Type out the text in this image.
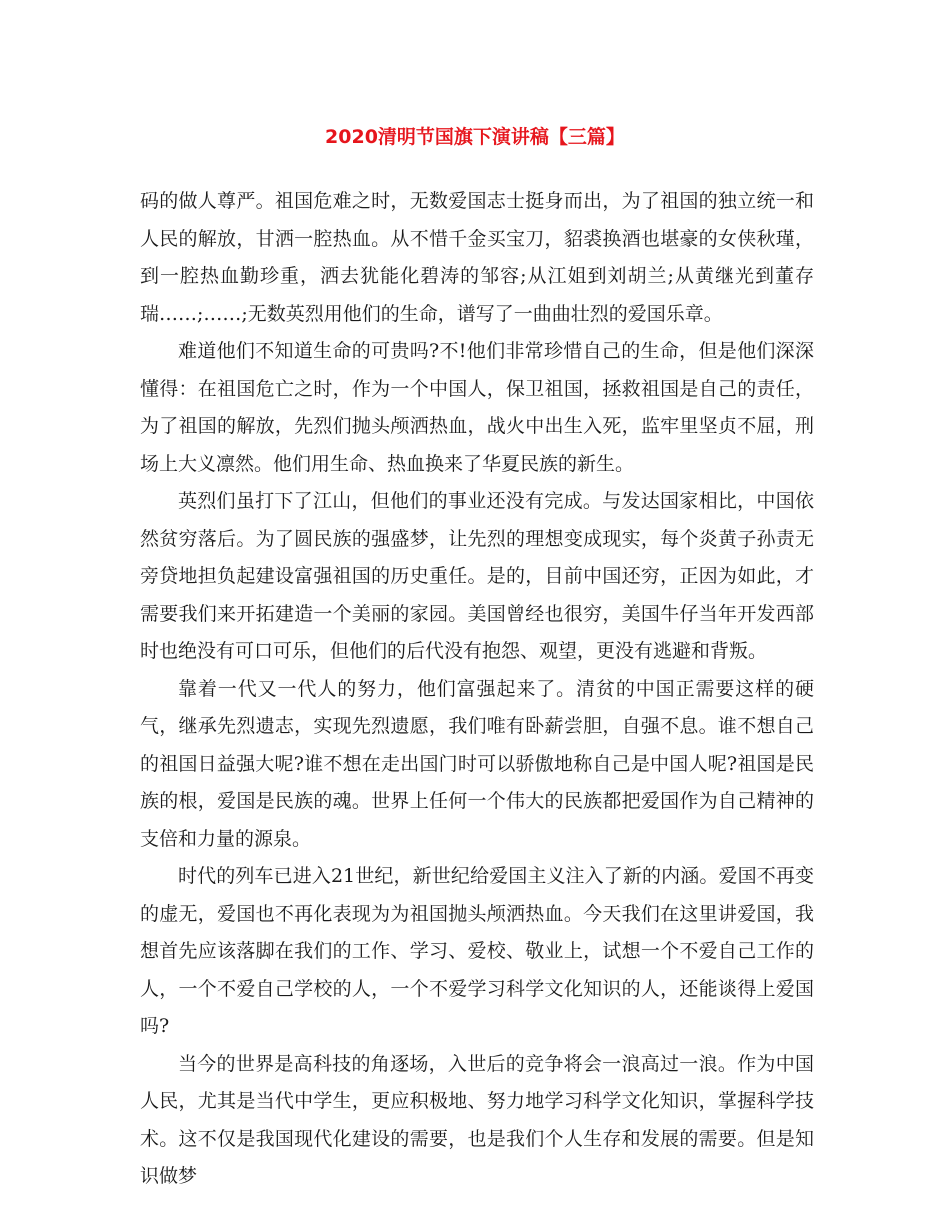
2020清明节国旗下演讲稿【三篇】

码的做人尊严。祖国危难之时，无数爱国志士挺身而出，为了祖国的独立统一和人民的解放，甘洒一腔热血。从不惜千金买宝刀，貂裘换酒也堪豪的女侠秋瑾，到一腔热血勤珍重，洒去犹能化碧涛的邹容;从江姐到刘胡兰;从黄继光到董存瑞……;……;无数英烈用他们的生命，谱写了一曲曲壮烈的爱国乐章。

难道他们不知道生命的可贵吗?不!他们非常珍惜自己的生命，但是他们深深懂得：在祖国危亡之时，作为一个中国人，保卫祖国，拯救祖国是自己的责任，为了祖国的解放，先烈们抛头颅洒热血，战火中出生入死，监牢里坚贞不屈，刑场上大义凛然。他们用生命、热血换来了华夏民族的新生。

英烈们虽打下了江山，但他们的事业还没有完成。与发达国家相比，中国依然贫穷落后。为了圆民族的强盛梦，让先烈的理想变成现实，每个炎黄子孙责无旁贷地担负起建设富强祖国的历史重任。是的，目前中国还穷，正因为如此，才需要我们来开拓建造一个美丽的家园。美国曾经也很穷，美国牛仔当年开发西部时也绝没有可口可乐，但他们的后代没有抱怨、观望，更没有逃避和背叛。

靠着一代又一代人的努力，他们富强起来了。清贫的中国正需要这样的硬气，继承先烈遗志，实现先烈遗愿，我们唯有卧薪尝胆，自强不息。谁不想自己的祖国日益强大呢?谁不想在走出国门时可以骄傲地称自己是中国人呢?祖国是民族的根，爱国是民族的魂。世界上任何一个伟大的民族都把爱国作为自己精神的支倍和力量的源泉。

时代的列车已进入21世纪，新世纪给爱国主义注入了新的内涵。爱国不再变的虚无，爱国也不再化表现为为祖国抛头颅洒热血。今天我们在这里讲爱国，我想首先应该落脚在我们的工作、学习、爱校、敬业上，试想一个不爱自己工作的人，一个不爱自己学校的人，一个不爱学习科学文化知识的人，还能谈得上爱国吗?

当今的世界是高科技的角逐场，入世后的竞争将会一浪高过一浪。作为中国人民，尤其是当代中学生，更应积极地、努力地学习科学文化知识，掌握科学技术。这不仅是我国现代化建设的需要，也是我们个人生存和发展的需要。但是知识做梦
